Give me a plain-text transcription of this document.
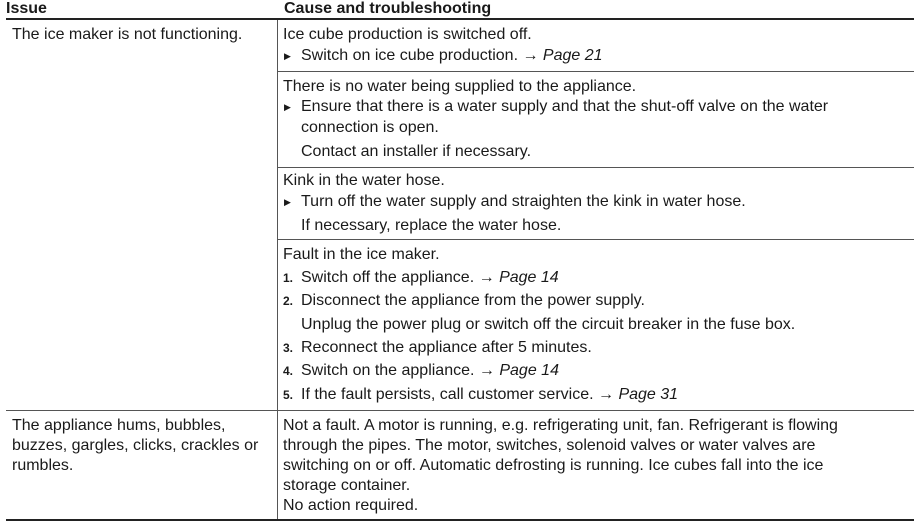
Issue	Cause and troubleshooting
The ice maker is not functioning.	Ice cube production is switched off.
▶ Switch on ice cube production. → Page 21
There is no water being supplied to the appliance.
▶ Ensure that there is a water supply and that the shut-off valve on the water
connection is open.
Contact an installer if necessary.
Kink in the water hose.
▶ Turn off the water supply and straighten the kink in water hose.
If necessary, replace the water hose.
Fault in the ice maker.
1. Switch off the appliance. → Page 14
2. Disconnect the appliance from the power supply.
Unplug the power plug or switch off the circuit breaker in the fuse box.
3. Reconnect the appliance after 5 minutes.
4. Switch on the appliance. → Page 14
5. If the fault persists, call customer service. → Page 31
The appliance hums, bubbles,
buzzes, gargles, clicks, crackles or
rumbles.
Not a fault. A motor is running, e.g. refrigerating unit, fan. Refrigerant is flowing
through the pipes. The motor, switches, solenoid valves or water valves are
switching on or off. Automatic defrosting is running. Ice cubes fall into the ice
storage container.
No action required.
